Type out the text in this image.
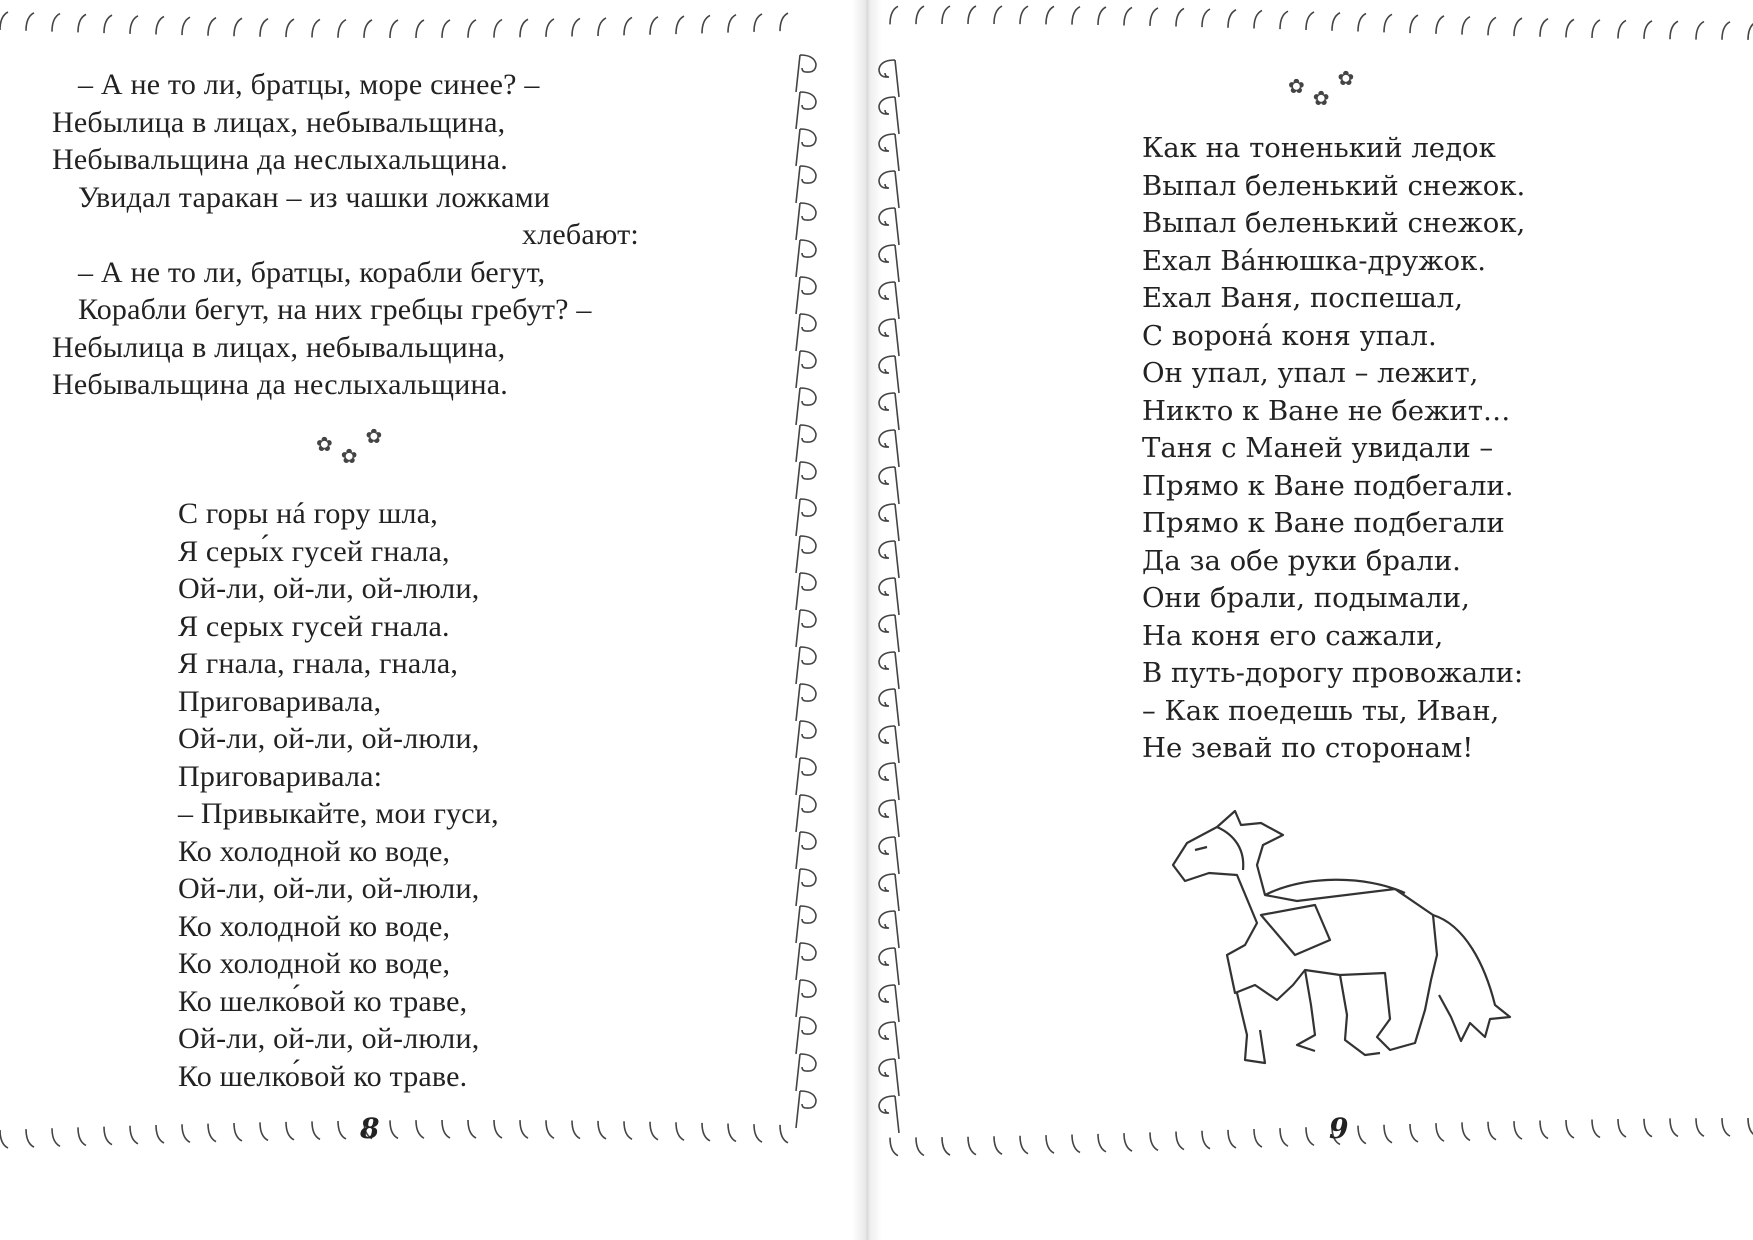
– А не то ли, братцы, море синее? –
Небылица в лицах, небывальщина,
Небывальщина да неслыхальщина.
Увидал таракан – из чашки ложками
хлебают:
– А не то ли, братцы, корабли бегут,
Корабли бегут, на них гребцы гребут? –
Небылица в лицах, небывальщина,
Небывальщина да неслыхальщина.
✿✿✿
С горы нá гору шла,
Я серы́х гусей гнала,
Ой-ли, ой-ли, ой-люли,
Я серых гусей гнала.
Я гнала, гнала, гнала,
Приговаривала,
Ой-ли, ой-ли, ой-люли,
Приговаривала:
– Привыкайте, мои гуси,
Ко холодной ко воде,
Ой-ли, ой-ли, ой-люли,
Ко холодной ко воде,
Ко холодной ко воде,
Ко шелко́вой ко траве,
Ой-ли, ой-ли, ой-люли,
Ко шелко́вой ко траве.
✿✿✿
Как на тоненький ледок
Выпал беленький снежок.
Выпал беленький снежок,
Ехал Вáнюшка-дружок.
Ехал Ваня, поспешал,
С воронá коня упал.
Он упал, упал – лежит,
Никто к Ване не бежит…
Таня с Маней увидали –
Прямо к Ване подбегали.
Прямо к Ване подбегали
Да за обе руки брали.
Они брали, подымали,
На коня его сажали,
В путь-дорогу провожали:
– Как поедешь ты, Иван,
Не зевай по сторонам!
8	9
